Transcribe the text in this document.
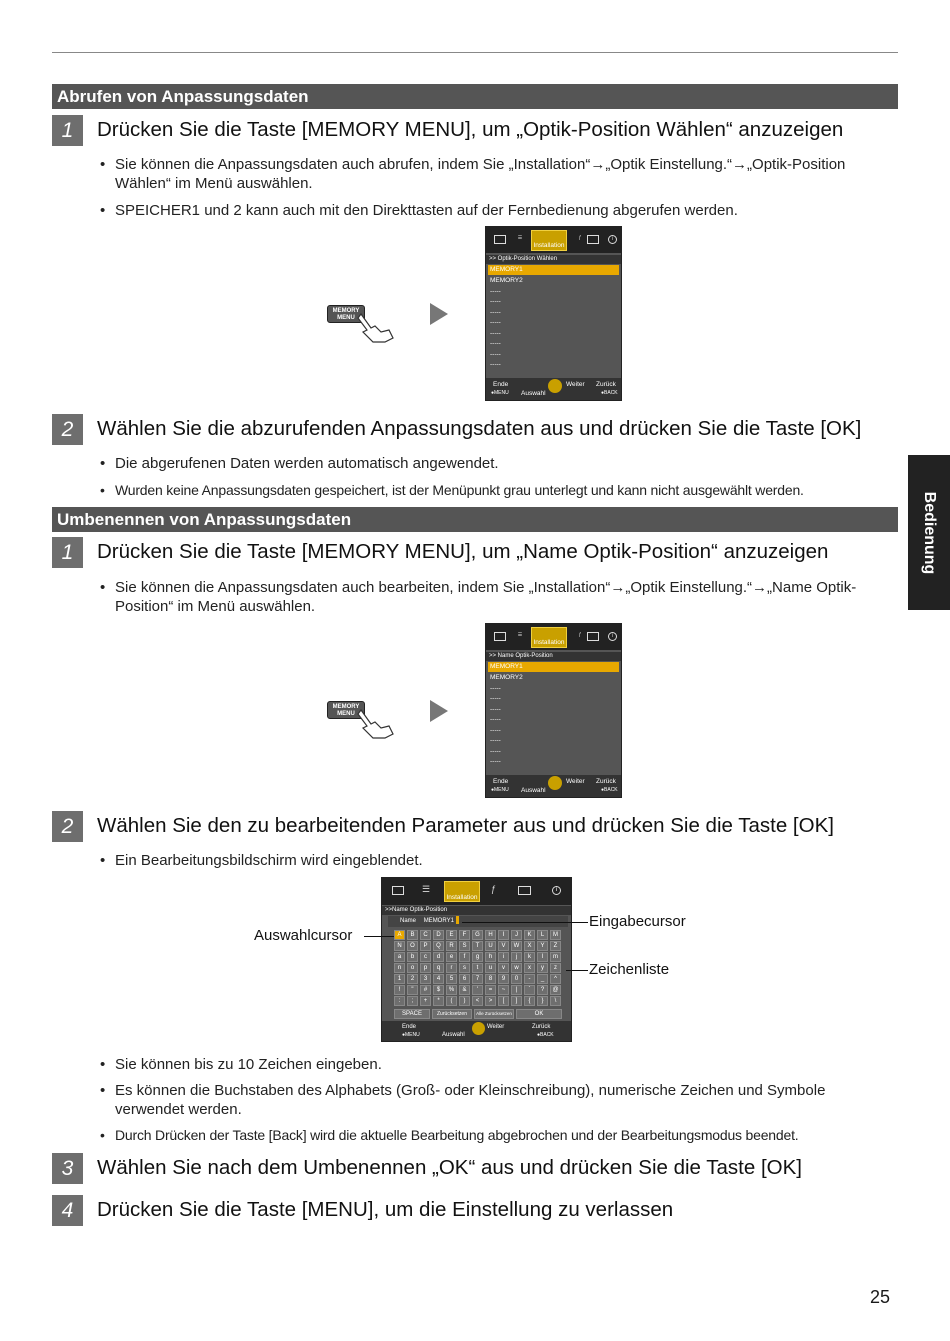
Abrufen von Anpassungsdaten
1	Drücken Sie die Taste [MEMORY MENU], um „Optik-Position Wählen“ anzuzeigen
• Sie können die Anpassungsdaten auch abrufen, indem Sie „Installation“→„Optik Einstellung.“→„Optik-Position Wählen“ im Menü auswählen.
• SPEICHER1 und 2 kann auch mit den Direkttasten auf der Fernbedienung abgerufen werden.
MEMORY MENU
☰
Installation
ƒ	i
>> Optik-Position Wählen
MEMORY1
MEMORY2
-----
-----
-----
-----
-----
-----
-----
-----
Ende
●MENU Auswahl
Weiter Zurück
●BACK
2	Wählen Sie die abzurufenden Anpassungsdaten aus und drücken Sie die Taste [OK]
• Die abgerufenen Daten werden automatisch angewendet.
• Wurden keine Anpassungsdaten gespeichert, ist der Menüpunkt grau unterlegt und kann nicht ausgewählt werden.
Umbenennen von Anpassungsdaten
1	Drücken Sie die Taste [MEMORY MENU], um „Name Optik-Position“ anzuzeigen
• Sie können die Anpassungsdaten auch bearbeiten, indem Sie „Installation“→„Optik Einstellung.“→„Name Optik-Position“ im Menü auswählen.
MEMORY MENU
☰
Installation
ƒ	i
>> Name Optik-Position
MEMORY1
MEMORY2
-----
-----
-----
-----
-----
-----
-----
-----
Ende
●MENU Auswahl
Weiter Zurück
●BACK
2	Wählen Sie den zu bearbeitenden Parameter aus und drücken Sie die Taste [OK]
• Ein Bearbeitungsbildschirm wird eingeblendet.
☰
Installation
ƒ	i
>>Name Optik-Position
Name MEMORY1
A	B	C	D	E	F	G	H	I	J	K	L	M
N	O	P	Q	R	S	T	U	V	W	X	Y	Z
a	b	c	d	e	f	g	h	i	j	k	l	m
n	o	p	q	r	s	t	u	v	w	x	y	z
1	2	3	4	5	6	7	8	9	0	-	_	^
!	"	#	$	%	&	'	=	~	|	`	?	@
:	;	+	*	(	)	<	>	[	]	{	}	\
SPACE	Zurücksetzen	Alle Zurücksetzen	OK
Ende
●MENU	Auswahl
Weiter	Zurück
●BACK
Auswahlcursor
Eingabecursor
Zeichenliste
• Sie können bis zu 10 Zeichen eingeben.
• Es können die Buchstaben des Alphabets (Groß- oder Kleinschreibung), numerische Zeichen und Symbole verwendet werden.
• Durch Drücken der Taste [Back] wird die aktuelle Bearbeitung abgebrochen und der Bearbeitungsmodus beendet.
3	Wählen Sie nach dem Umbenennen „OK“ aus und drücken Sie die Taste [OK]
4	Drücken Sie die Taste [MENU], um die Einstellung zu verlassen
Bedienung
25
